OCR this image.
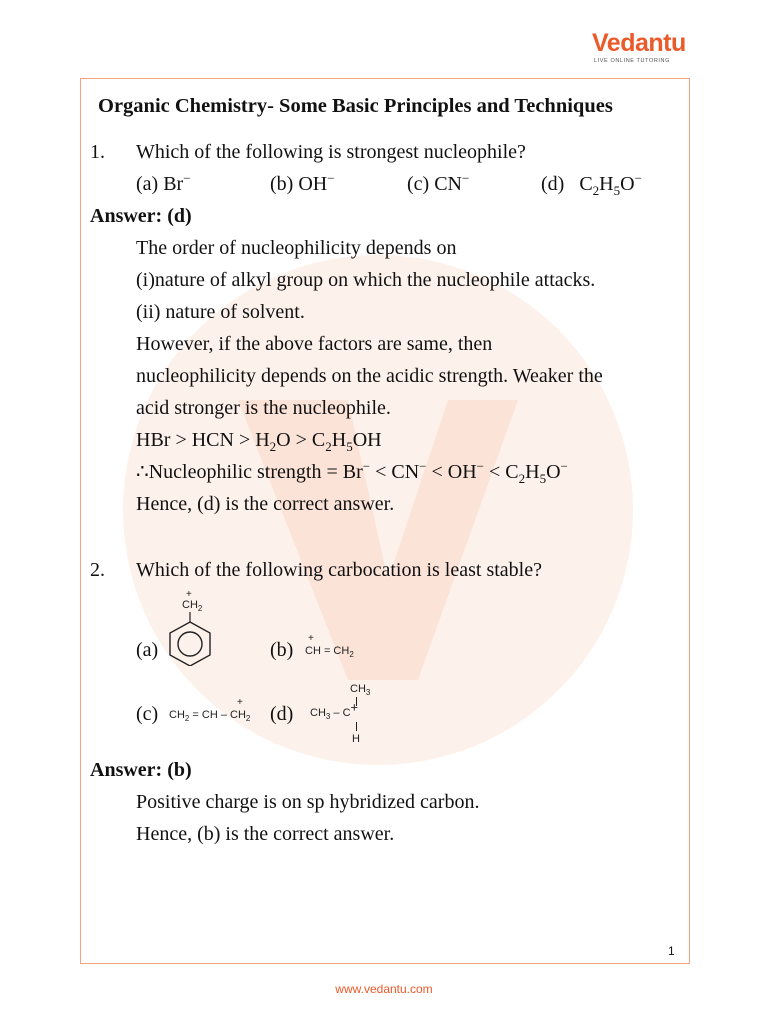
Vedantu
LIVE ONLINE TUTORING
Organic Chemistry- Some Basic Principles and Techniques
1. Which of the following is strongest nucleophile?
(a) Br−	(b) OH−	(c) CN−	(d)   $C_2H_5O^-$
Answer: (d)
The order of nucleophilicity depends on
(i)nature of alkyl group on which the nucleophile attacks.
(ii) nature of solvent.
However, if the above factors are same, then
nucleophilicity depends on the acidic strength. Weaker the
acid stronger is the nucleophile.
HBr > HCN > $H_2O > C_2H_5OH$
∴Nucleophilic strength = $Br^- < CN^- < OH^- < C_2H_5O^-$
Hence, (d) is the correct answer.
2. Which of the following carbocation is least stable?
(a)
+
$CH_2$
(b)
+
CH = $CH_2$
(c)
+
$CH_2$ = CH – $CH_2$ (d)
$CH_3$
$CH_3 - C^+$
H
Answer: (b)
Positive charge is on sp hybridized carbon.
Hence, (b) is the correct answer.
1
www.vedantu.com
